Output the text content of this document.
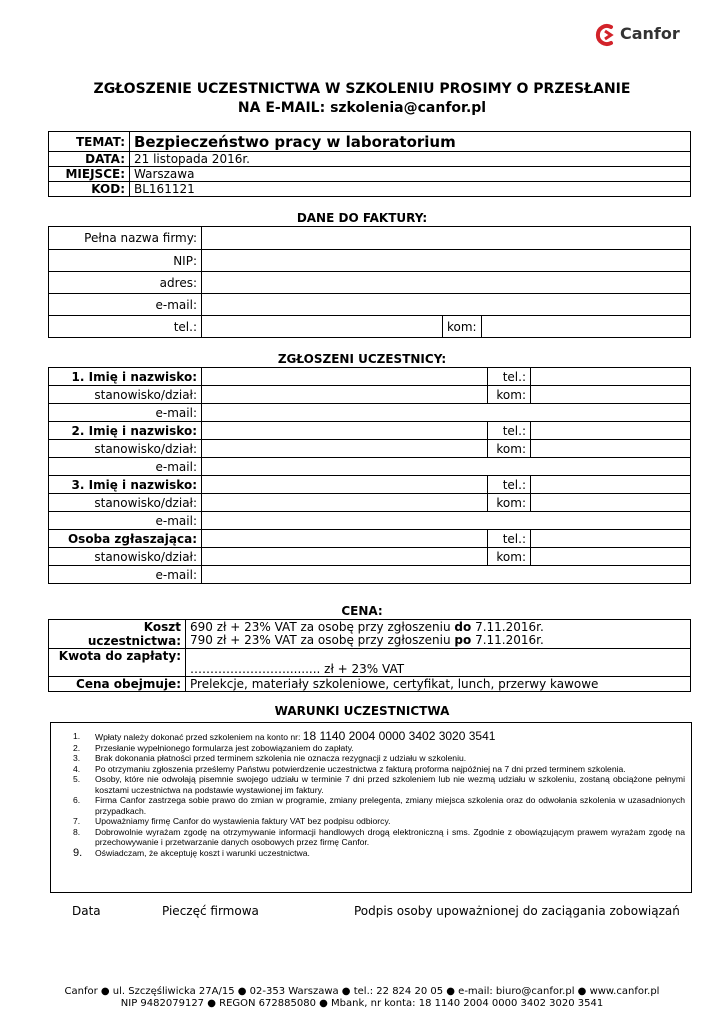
Canfor
ZGŁOSZENIE UCZESTNICTWA W SZKOLENIU PROSIMY O PRZESŁANIE
NA E-MAIL: szkolenia@canfor.pl
TEMAT:	Bezpieczeństwo pracy w laboratorium
DATA:	21 listopada 2016r.
MIEJSCE:	Warszawa
KOD:	BL161121
DANE DO FAKTURY:
Pełna nazwa firmy:			
NIP:			
adres:			
e-mail:			
tel.:		kom:	
ZGŁOSZENI UCZESTNICY:
1. Imię i nazwisko:		tel.:	
stanowisko/dział:		kom:	
e-mail:			
2. Imię i nazwisko:		tel.:	
stanowisko/dział:		kom:	
e-mail:			
3. Imię i nazwisko:		tel.:	
stanowisko/dział:		kom:	
e-mail:			
Osoba zgłaszająca:		tel.:	
stanowisko/dział:		kom:	
e-mail:			
CENA:
Koszt uczestnictwa:	690 zł + 23% VAT za osobę przy zgłoszeniu do 7.11.2016r.
790 zł + 23% VAT za osobę przy zgłoszeniu po 7.11.2016r.

Kwota do zapłaty:	……………………......... zł + 23% VAT
Cena obejmuje:	Prelekcje, materiały szkoleniowe, certyfikat, lunch, przerwy kawowe
WARUNKI UCZESTNICTWA
1. Wpłaty należy dokonać przed szkoleniem na konto nr: 18 1140 2004 0000 3402 3020 3541
2. Przesłanie wypełnionego formularza jest zobowiązaniem do zapłaty.
3. Brak dokonania płatności przed terminem szkolenia nie oznacza rezygnacji z udziału w szkoleniu.
4. Po otrzymaniu zgłoszenia prześlemy Państwu potwierdzenie uczestnictwa z fakturą proforma najpóźniej na 7 dni przed terminem szkolenia.
5. Osoby, które nie odwołają pisemnie swojego udziału w terminie 7 dni przed szkoleniem lub nie wezmą udziału w szkoleniu, zostaną obciążone pełnymi kosztami uczestnictwa na podstawie wystawionej im faktury.
6. Firma Canfor zastrzega sobie prawo do zmian w programie, zmiany prelegenta, zmiany miejsca szkolenia oraz do odwołania szkolenia w uzasadnionych przypadkach.
7. Upoważniamy firmę Canfor do wystawienia faktury VAT bez podpisu odbiorcy.
8. Dobrowolnie wyrażam zgodę na otrzymywanie informacji handlowych drogą elektroniczną i sms. Zgodnie z obowiązującym prawem wyrażam zgodę na przechowywanie i przetwarzanie danych osobowych przez firmę Canfor.
9. Oświadczam, że akceptuję koszt i warunki uczestnictwa.
Data	Pieczęć firmowa	Podpis osoby upoważnionej do zaciągania zobowiązań
Canfor ● ul. Szczęśliwicka 27A/15 ● 02-353 Warszawa ● tel.: 22 824 20 05 ● e-mail: biuro@canfor.pl ● www.canfor.pl
NIP 9482079127 ● REGON 672885080 ● Mbank, nr konta: 18 1140 2004 0000 3402 3020 3541
